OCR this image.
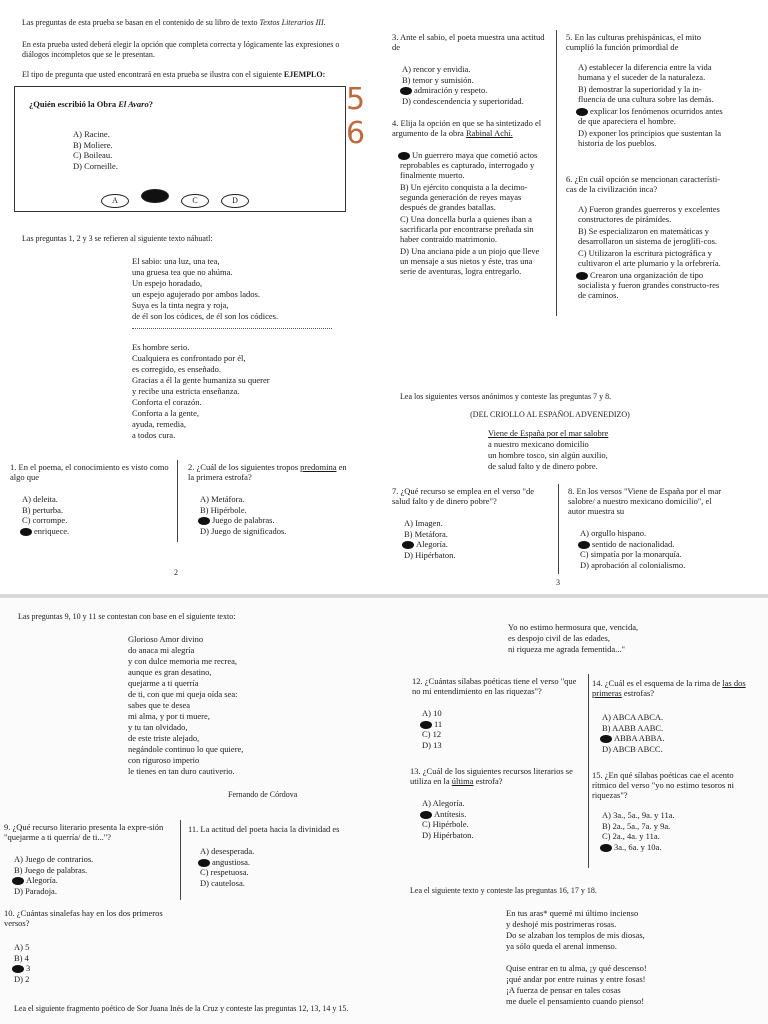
Las preguntas de esta prueba se basan en el contenido de su libro de texto Textos Literarios III.
En esta prueba usted deberá elegir la opción que completa correcta y lógicamente las expresiones o diálogos incompletos que se le presentan.
El tipo de pregunta que usted encontrará en esta prueba se ilustra con el siguiente EJEMPLO:
¿Quién escribió la Obra El Avaro?
A) Racine.
B) Moliere.
C) Boileau.
D) Corneille.
A	C	D
Las preguntas 1, 2 y 3 se refieren al siguiente texto náhuatl:
El sabio: una luz, una tea,
una gruesa tea que no ahúma.
Un espejo horadado,
un espejo agujerado por ambos lados.
Suya es la tinta negra y roja,
de él son los códices, de él son los códices.
Es hombre serio.
Cualquiera es confrontado por él,
es corregido, es enseñado.
Gracias a él la gente humaniza su querer
y recibe una estricta enseñanza.
Conforta el corazón.
Conforta a la gente,
ayuda, remedia,
a todos cura.
1. En el poema, el conocimiento es visto como algo que
A) deleita.
B) perturba.
C) corrompe.
enriquece.
2. ¿Cuál de los siguientes tropos predomina en la primera estrofa?
A) Metáfora.
B) Hipérbole.
Juego de palabras.
D) Juego de significados.
2
5
6
3. Ante el sabio, el poeta muestra una actitud de
A) rencor y envidia.
B) temor y sumisión.
admiración y respeto.
D) condescendencia y superioridad.
4. Elija la opción en que se ha sintetizado el argumento de la obra Rabinal Achí.
Un guerrero maya que cometió actos reprobables es capturado, interrogado y finalmente muerto.
B) Un ejército conquista a la decimo-segunda generación de reyes mayas después de grandes batallas.
C) Una doncella burla a quienes iban a sacrificarla por encontrarse preñada sin haber contraído matrimonio.
D) Una anciana pide a un piojo que lleve un mensaje a sus nietos y éste, tras una serie de aventuras, logra entregarlo.
5. En las culturas prehispánicas, el mito cumplió la función primordial de
A) establecer la diferencia entre la vida humana y el suceder de la naturaleza.
B) demostrar la superioridad y la in-fluencia de una cultura sobre las demás.
explicar los fenómenos ocurridos antes de que apareciera el hombre.
D) exponer los principios que sustentan la historia de los pueblos.
6. ¿En cuál opción se mencionan característi-cas de la civilización inca?
A) Fueron grandes guerreros y excelentes constructores de pirámides.
B) Se especializaron en matemáticas y desarrollaron un sistema de jeroglífi-cos.
C) Utilizaron la escritura pictográfica y cultivaron el arte plumario y la orfebrería.
Crearon una organización de tipo socialista y fueron grandes constructo-res de caminos.
Lea los siguientes versos anónimos y conteste las preguntas 7 y 8.
(DEL CRIOLLO AL ESPAÑOL ADVENEDIZO)
Viene de España por el mar salobre
a nuestro mexicano domicilio
un hombre tosco, sin algún auxilio,
de salud falto y de dinero pobre.
7. ¿Qué recurso se emplea en el verso "de salud falto y de dinero pobre"?
A) Imagen.
B) Metáfora.
Alegoría.
D) Hipérbaton.
8. En los versos "Viene de España por el mar salobre/ a nuestro mexicano domicilio", el autor muestra su
A) orgullo hispano.
sentido de nacionalidad.
C) simpatía por la monarquía.
D) aprobación al colonialismo.
3
Las preguntas 9, 10 y 11 se contestan con base en el siguiente texto:
Glorioso Amor divino
do anaca mi alegría
y con dulce memoria me recrea,
aunque es gran desatino,
quejarme a ti querría
de ti, con que mi queja oída sea:
sabes que te desea
mi alma, y por ti muere,
y tu tan olvidado,
de este triste alejado,
negándole continuo lo que quiere,
con riguroso imperio
le tienes en tan duro cautiverio.
Fernando de Córdova
9. ¿Qué recurso literario presenta la expre-sión "quejarme a ti querría/ de ti..."?
A) Juego de contrarios.
B) Juego de palabras.
Alegoría.
D) Paradoja.
10. ¿Cuántas sinalefas hay en los dos primeros versos?
A) 5
B) 4
3
D) 2
11. La actitud del poeta hacia la divinidad es
A) desesperada.
angustiosa.
C) respetuosa.
D) cautelosa.
Lea el siguiente fragmento poético de Sor Juana Inés de la Cruz y conteste las preguntas 12, 13, 14 y 15.
Yo no estimo hermosura que, vencida,
es despojo civil de las edades,
ni riqueza me agrada fementida..."
12. ¿Cuántas sílabas poéticas tiene el verso "que no mi entendimiento en las riquezas"?
A) 10
11
C) 12
D) 13
13. ¿Cuál de los siguientes recursos literarios se utiliza en la última estrofa?
A) Alegoría.
Antítesis.
C) Hipérbole.
D) Hipérbaton.
14. ¿Cuál es el esquema de la rima de las dos primeras estrofas?
A) ABCA ABCA.
B) AABB AABC.
ABBA ABBA.
D) ABCB ABCC.
15. ¿En qué sílabas poéticas cae el acento rítmico del verso "yo no estimo tesoros ni riquezas"?
A) 3a., 5a., 9a. y 11a.
B) 2a., 5a., 7a. y 9a.
C) 2a., 4a. y 11a.
3a., 6a. y 10a.
Lea el siguiente texto y conteste las preguntas 16, 17 y 18.
En tus aras* quemé mi último incienso
y deshojé mis postrimeras rosas.
Do se alzaban los templos de mis diosas,
ya sólo queda el arenal inmenso.

Quise entrar en tu alma, ¡y qué descenso!
¡qué andar por entre ruinas y entre fosas!
¡A fuerza de pensar en tales cosas
me duele el pensamiento cuando pienso!
